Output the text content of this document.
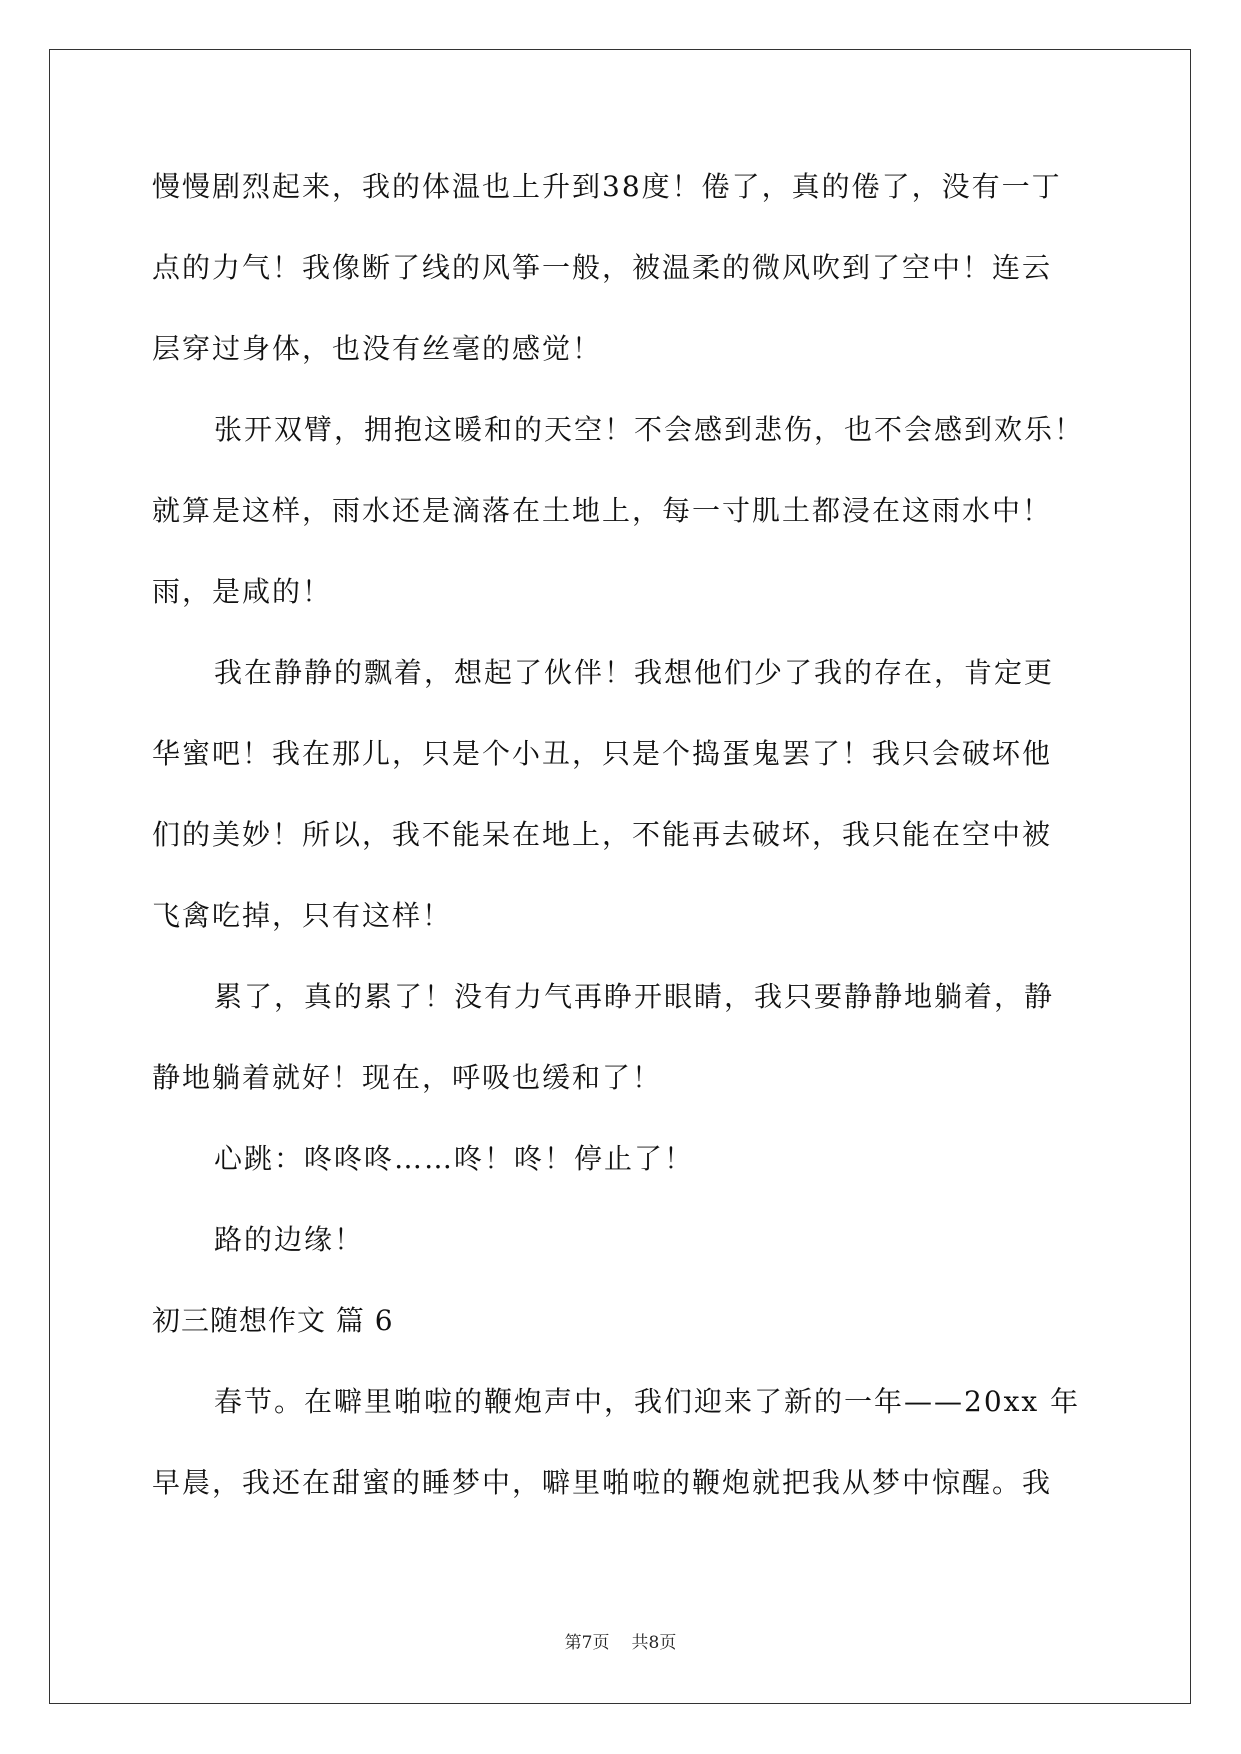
慢慢剧烈起来，我的体温也上升到38度！倦了，真的倦了，没有一丁
点的力气！我像断了线的风筝一般，被温柔的微风吹到了空中！连云
层穿过身体，也没有丝毫的感觉！
张开双臂，拥抱这暖和的天空！不会感到悲伤，也不会感到欢乐！
就算是这样，雨水还是滴落在土地上，每一寸肌土都浸在这雨水中！
雨，是咸的！
我在静静的飘着，想起了伙伴！我想他们少了我的存在，肯定更
华蜜吧！我在那儿，只是个小丑，只是个捣蛋鬼罢了！我只会破坏他
们的美妙！所以，我不能呆在地上，不能再去破坏，我只能在空中被
飞禽吃掉，只有这样！
累了，真的累了！没有力气再睁开眼睛，我只要静静地躺着，静
静地躺着就好！现在，呼吸也缓和了！
心跳：咚咚咚……咚！咚！停止了！
路的边缘！
初三随想作文 篇 6
春节。在噼里啪啦的鞭炮声中，我们迎来了新的一年——20xx 年
早晨，我还在甜蜜的睡梦中，噼里啪啦的鞭炮就把我从梦中惊醒。我
第7页 共8页
